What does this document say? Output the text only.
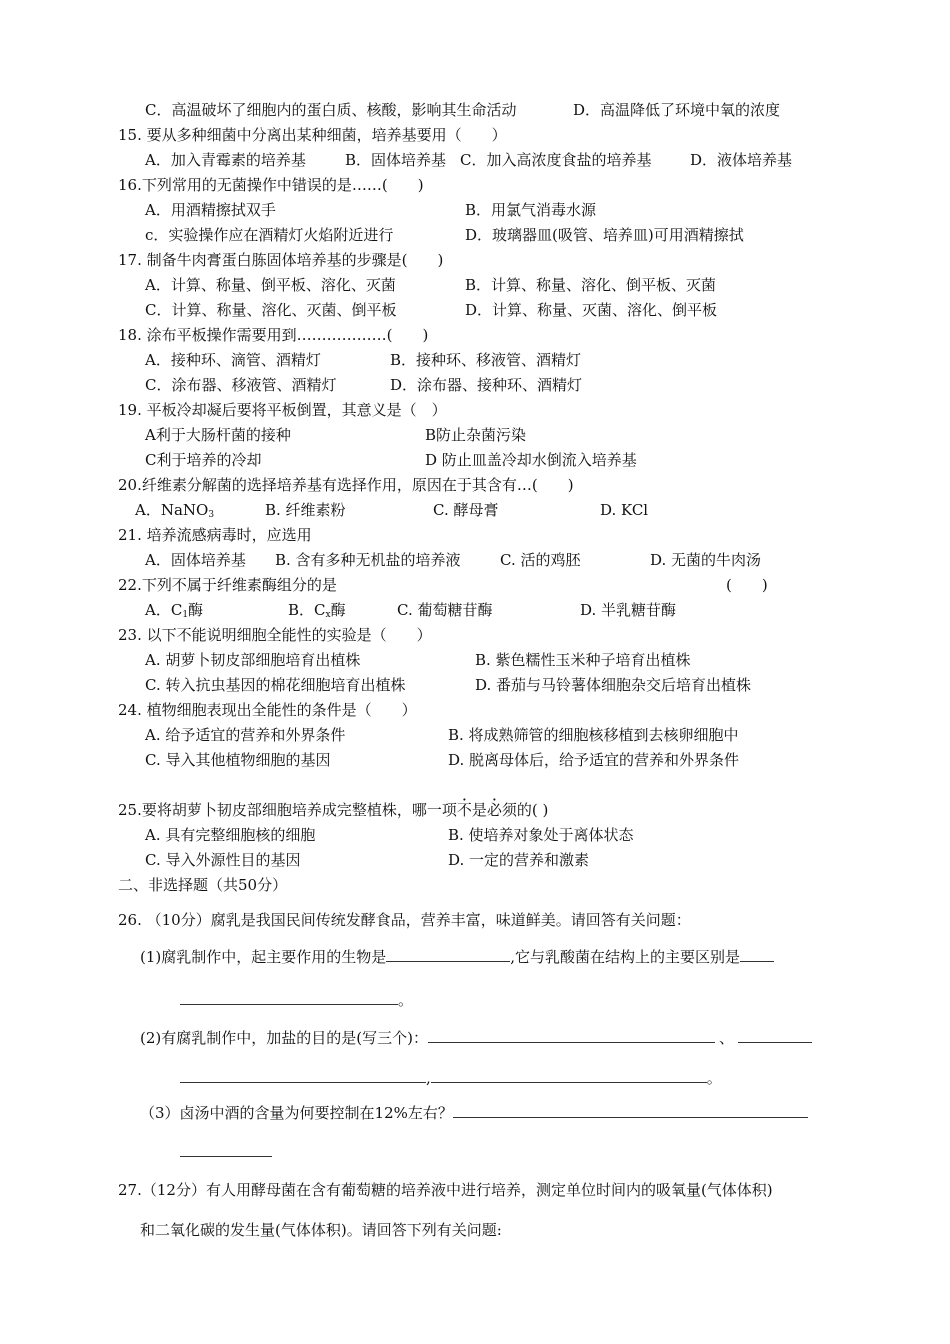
C．高温破坏了细胞内的蛋白质、核酸，影响其生命活动	D．高温降低了环境中氧的浓度
15. 要从多种细菌中分离出某种细菌，培养基要用（　　）
A．加入青霉素的培养基	B．固体培养基 C．加入高浓度食盐的培养基	D．液体培养基
16.下列常用的无菌操作中错误的是……(　　)
A．用酒精擦拭双手	B．用氯气消毒水源
c．实验操作应在酒精灯火焰附近进行	D．玻璃器皿(吸管、培养皿)可用酒精擦拭
17. 制备牛肉膏蛋白胨固体培养基的步骤是(　　)
A．计算、称量、倒平板、溶化、灭菌	B．计算、称量、溶化、倒平板、灭菌
C．计算、称量、溶化、灭菌、倒平板	D．计算、称量、灭菌、溶化、倒平板
18. 涂布平板操作需要用到………………(　　)
A．接种环、滴管、酒精灯	B．接种环、移液管、酒精灯
C．涂布器、移液管、酒精灯	D．涂布器、接种环、酒精灯
19. 平板冷却凝后要将平板倒置，其意义是（　）
A利于大肠杆菌的接种	B防止杂菌污染
C利于培养的冷却	D 防止皿盖冷却水倒流入培养基
20.纤维素分解菌的选择培养基有选择作用，原因在于其含有…(　　)
A．NaNO$_3$	B. 纤维素粉	C. 酵母膏	D. KCl
21. 培养流感病毒时，应选用
A．固体培养基 B. 含有多种无机盐的培养液	C. 活的鸡胚	D. 无菌的牛肉汤
22.下列不属于纤维素酶组分的是	(　　)
A．$C_1$酶	B．$C_x$酶	C. 葡萄糖苷酶	D. 半乳糖苷酶
23. 以下不能说明细胞全能性的实验是（　　）
A. 胡萝卜韧皮部细胞培育出植株	B. 紫色糯性玉米种子培育出植株
C. 转入抗虫基因的棉花细胞培育出植株	D. 番茄与马铃薯体细胞杂交后培育出植株
24. 植物细胞表现出全能性的条件是（　　）
A. 给予适宜的营养和外界条件	B. 将成熟筛管的细胞核移植到去核卵细胞中
C. 导入其他植物细胞的基因	D. 脱离母体后，给予适宜的营养和外界条件
25.要将胡萝卜韧皮部细胞培养成完整植株，哪一项不是必须的( )
A. 具有完整细胞核的细胞	B. 使培养对象处于离体状态
C. 导入外源性目的基因	D. 一定的营养和激素
二、非选择题（共50分）
26. （10分）腐乳是我国民间传统发酵食品，营养丰富，味道鲜美。请回答有关问题：
(1)腐乳制作中，起主要作用的生物是	,它与乳酸菌在结构上的主要区别是
。
(2)有腐乳制作中，加盐的目的是(写三个)：	、
,	。
（3）卤汤中酒的含量为何要控制在12%左右？
27.（12分）有人用酵母菌在含有葡萄糖的培养液中进行培养，测定单位时间内的吸氧量(气体体积)
和二氧化碳的发生量(气体体积)。请回答下列有关问题:
